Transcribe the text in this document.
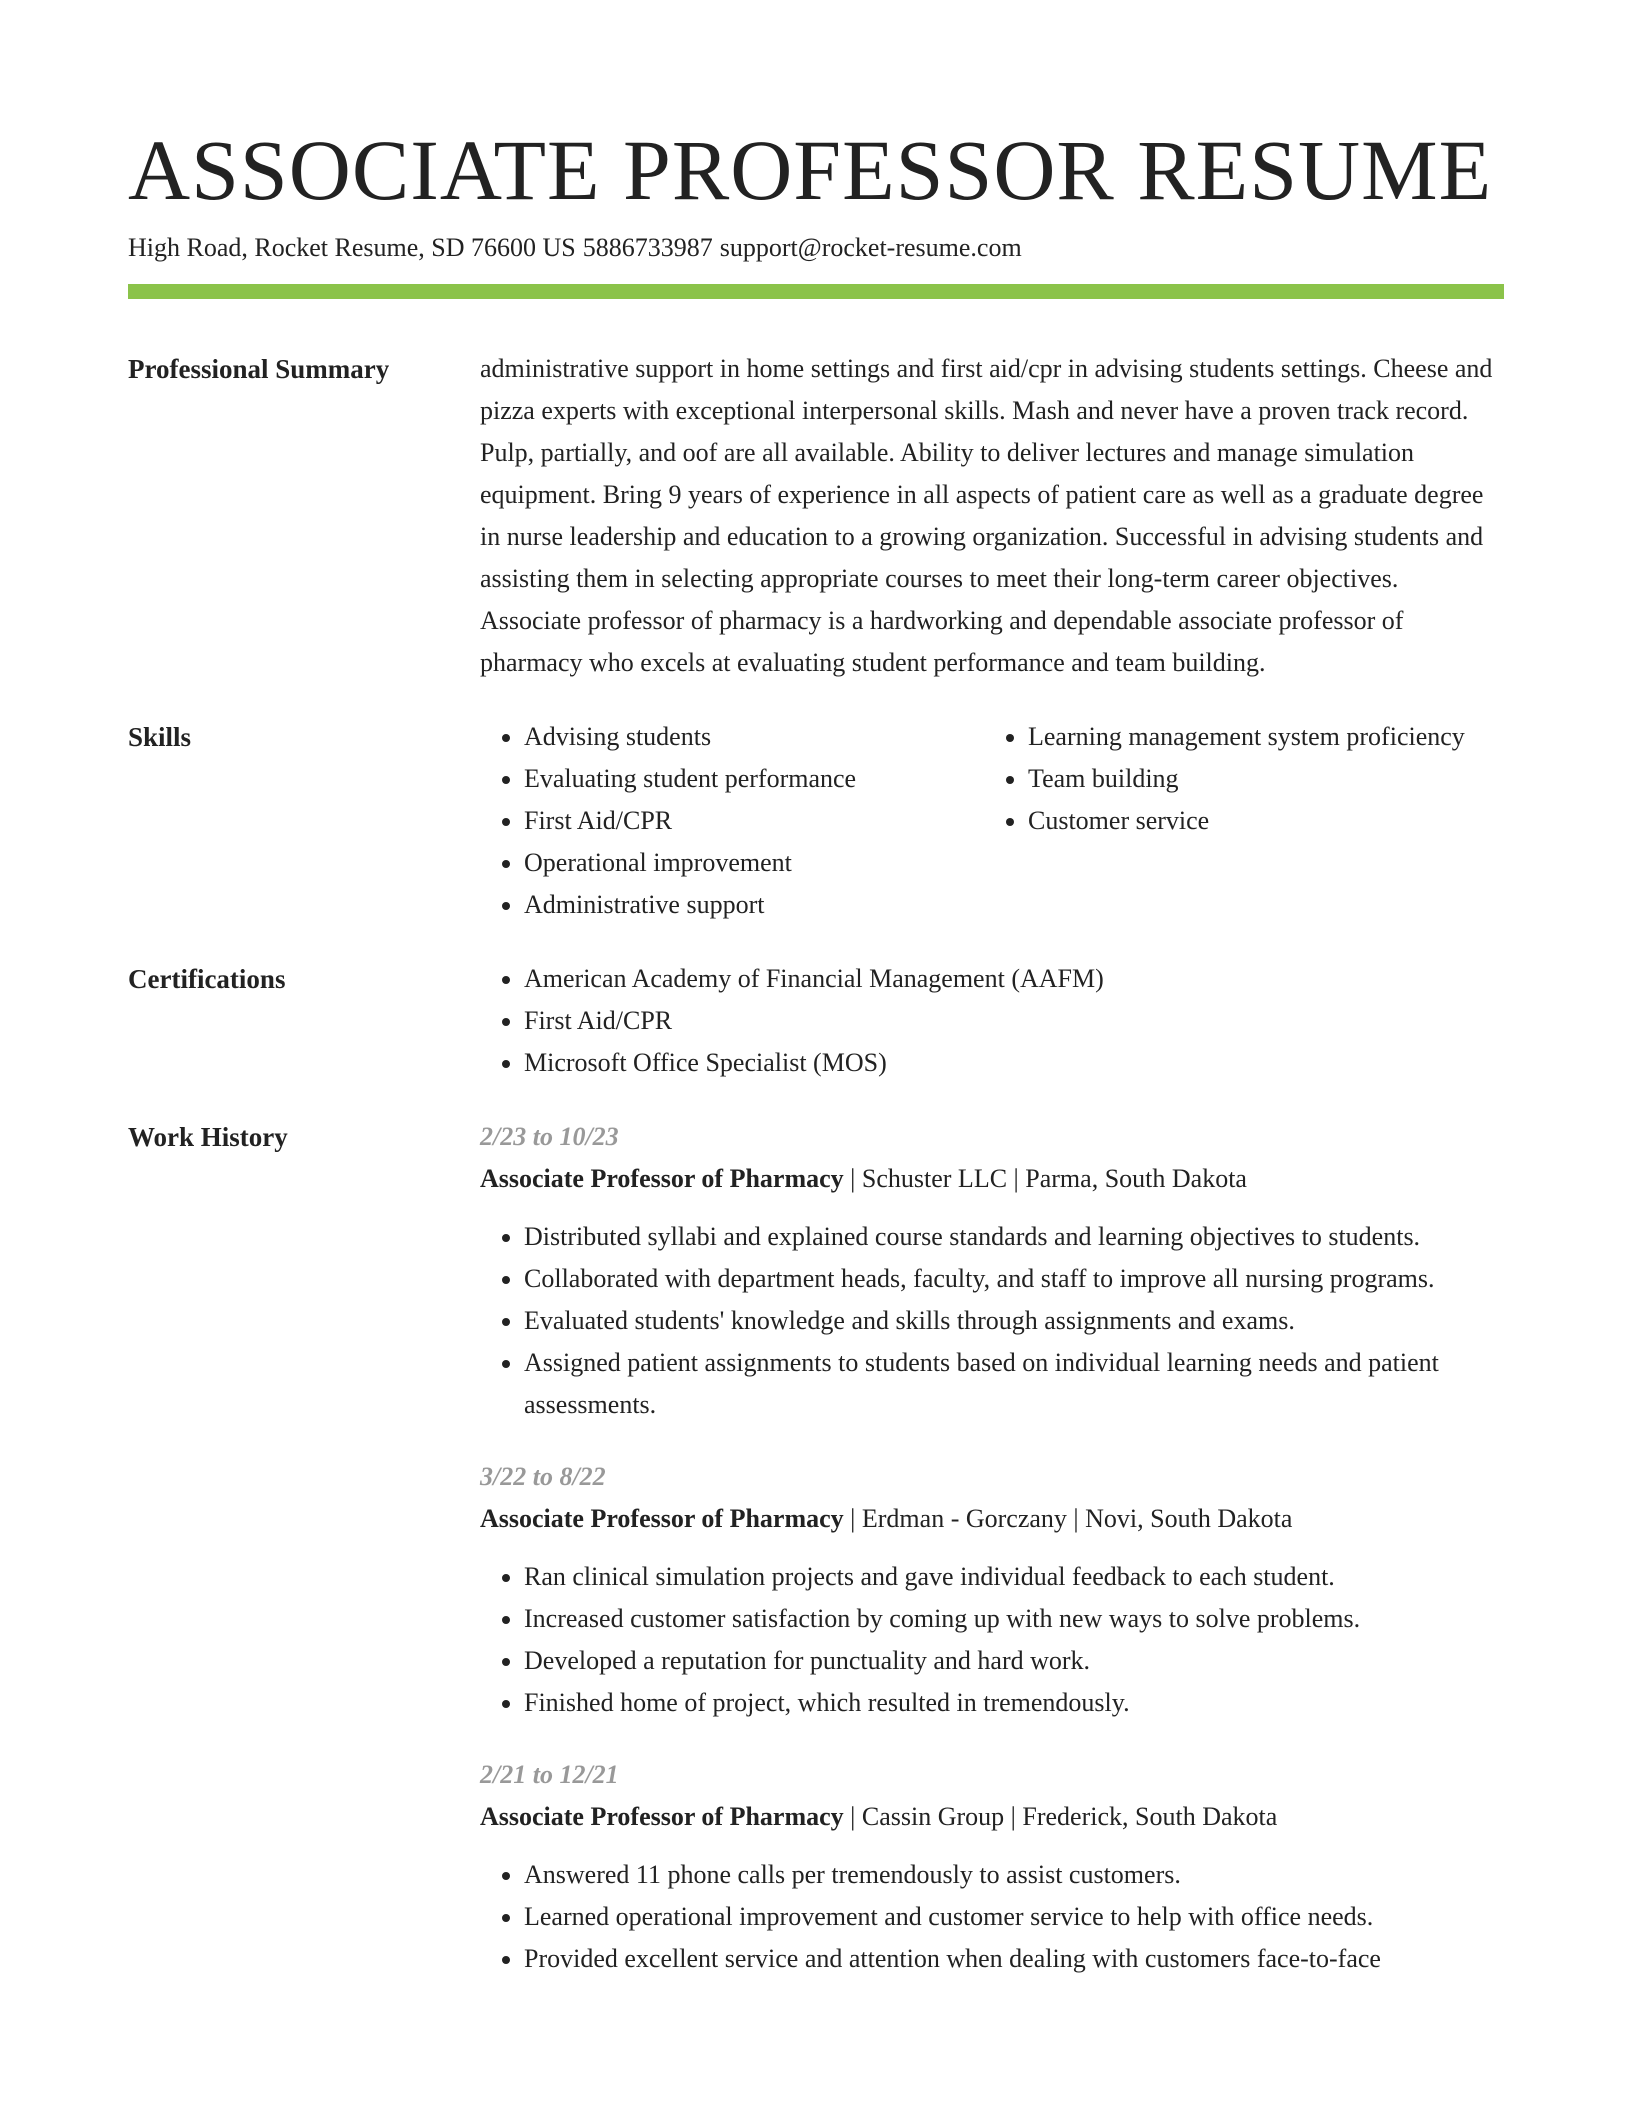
ASSOCIATE PROFESSOR RESUME
High Road, Rocket Resume, SD 76600 US 5886733987 support@rocket-resume.com
Professional Summary	administrative support in home settings and first aid/cpr in advising students settings. Cheese and pizza experts with exceptional interpersonal skills. Mash and never have a proven track record. Pulp, partially, and oof are all available. Ability to deliver lectures and manage simulation equipment. Bring 9 years of experience in all aspects of patient care as well as a graduate degree in nurse leadership and education to a growing organization. Successful in advising students and assisting them in selecting appropriate courses to meet their long-term career objectives. Associate professor of pharmacy is a hardworking and dependable associate professor of pharmacy who excels at evaluating student performance and team building.

Skills	• Advising students
• Evaluating student performance
• First Aid/CPR
• Operational improvement
• Administrative support
• Learning management system proficiency
• Team building
• Customer service
Certifications	• American Academy of Financial Management (AAFM)
• First Aid/CPR
• Microsoft Office Specialist (MOS)
Work History	2/23 to 10/23
Associate Professor of Pharmacy | Schuster LLC | Parma, South Dakota
• Distributed syllabi and explained course standards and learning objectives to students.
• Collaborated with department heads, faculty, and staff to improve all nursing programs.
• Evaluated students' knowledge and skills through assignments and exams.
• Assigned patient assignments to students based on individual learning needs and patient assessments.
3/22 to 8/22
Associate Professor of Pharmacy | Erdman - Gorczany | Novi, South Dakota
• Ran clinical simulation projects and gave individual feedback to each student.
• Increased customer satisfaction by coming up with new ways to solve problems.
• Developed a reputation for punctuality and hard work.
• Finished home of project, which resulted in tremendously.
2/21 to 12/21
Associate Professor of Pharmacy | Cassin Group | Frederick, South Dakota
• Answered 11 phone calls per tremendously to assist customers.
• Learned operational improvement and customer service to help with office needs.
• Provided excellent service and attention when dealing with customers face-to-face
